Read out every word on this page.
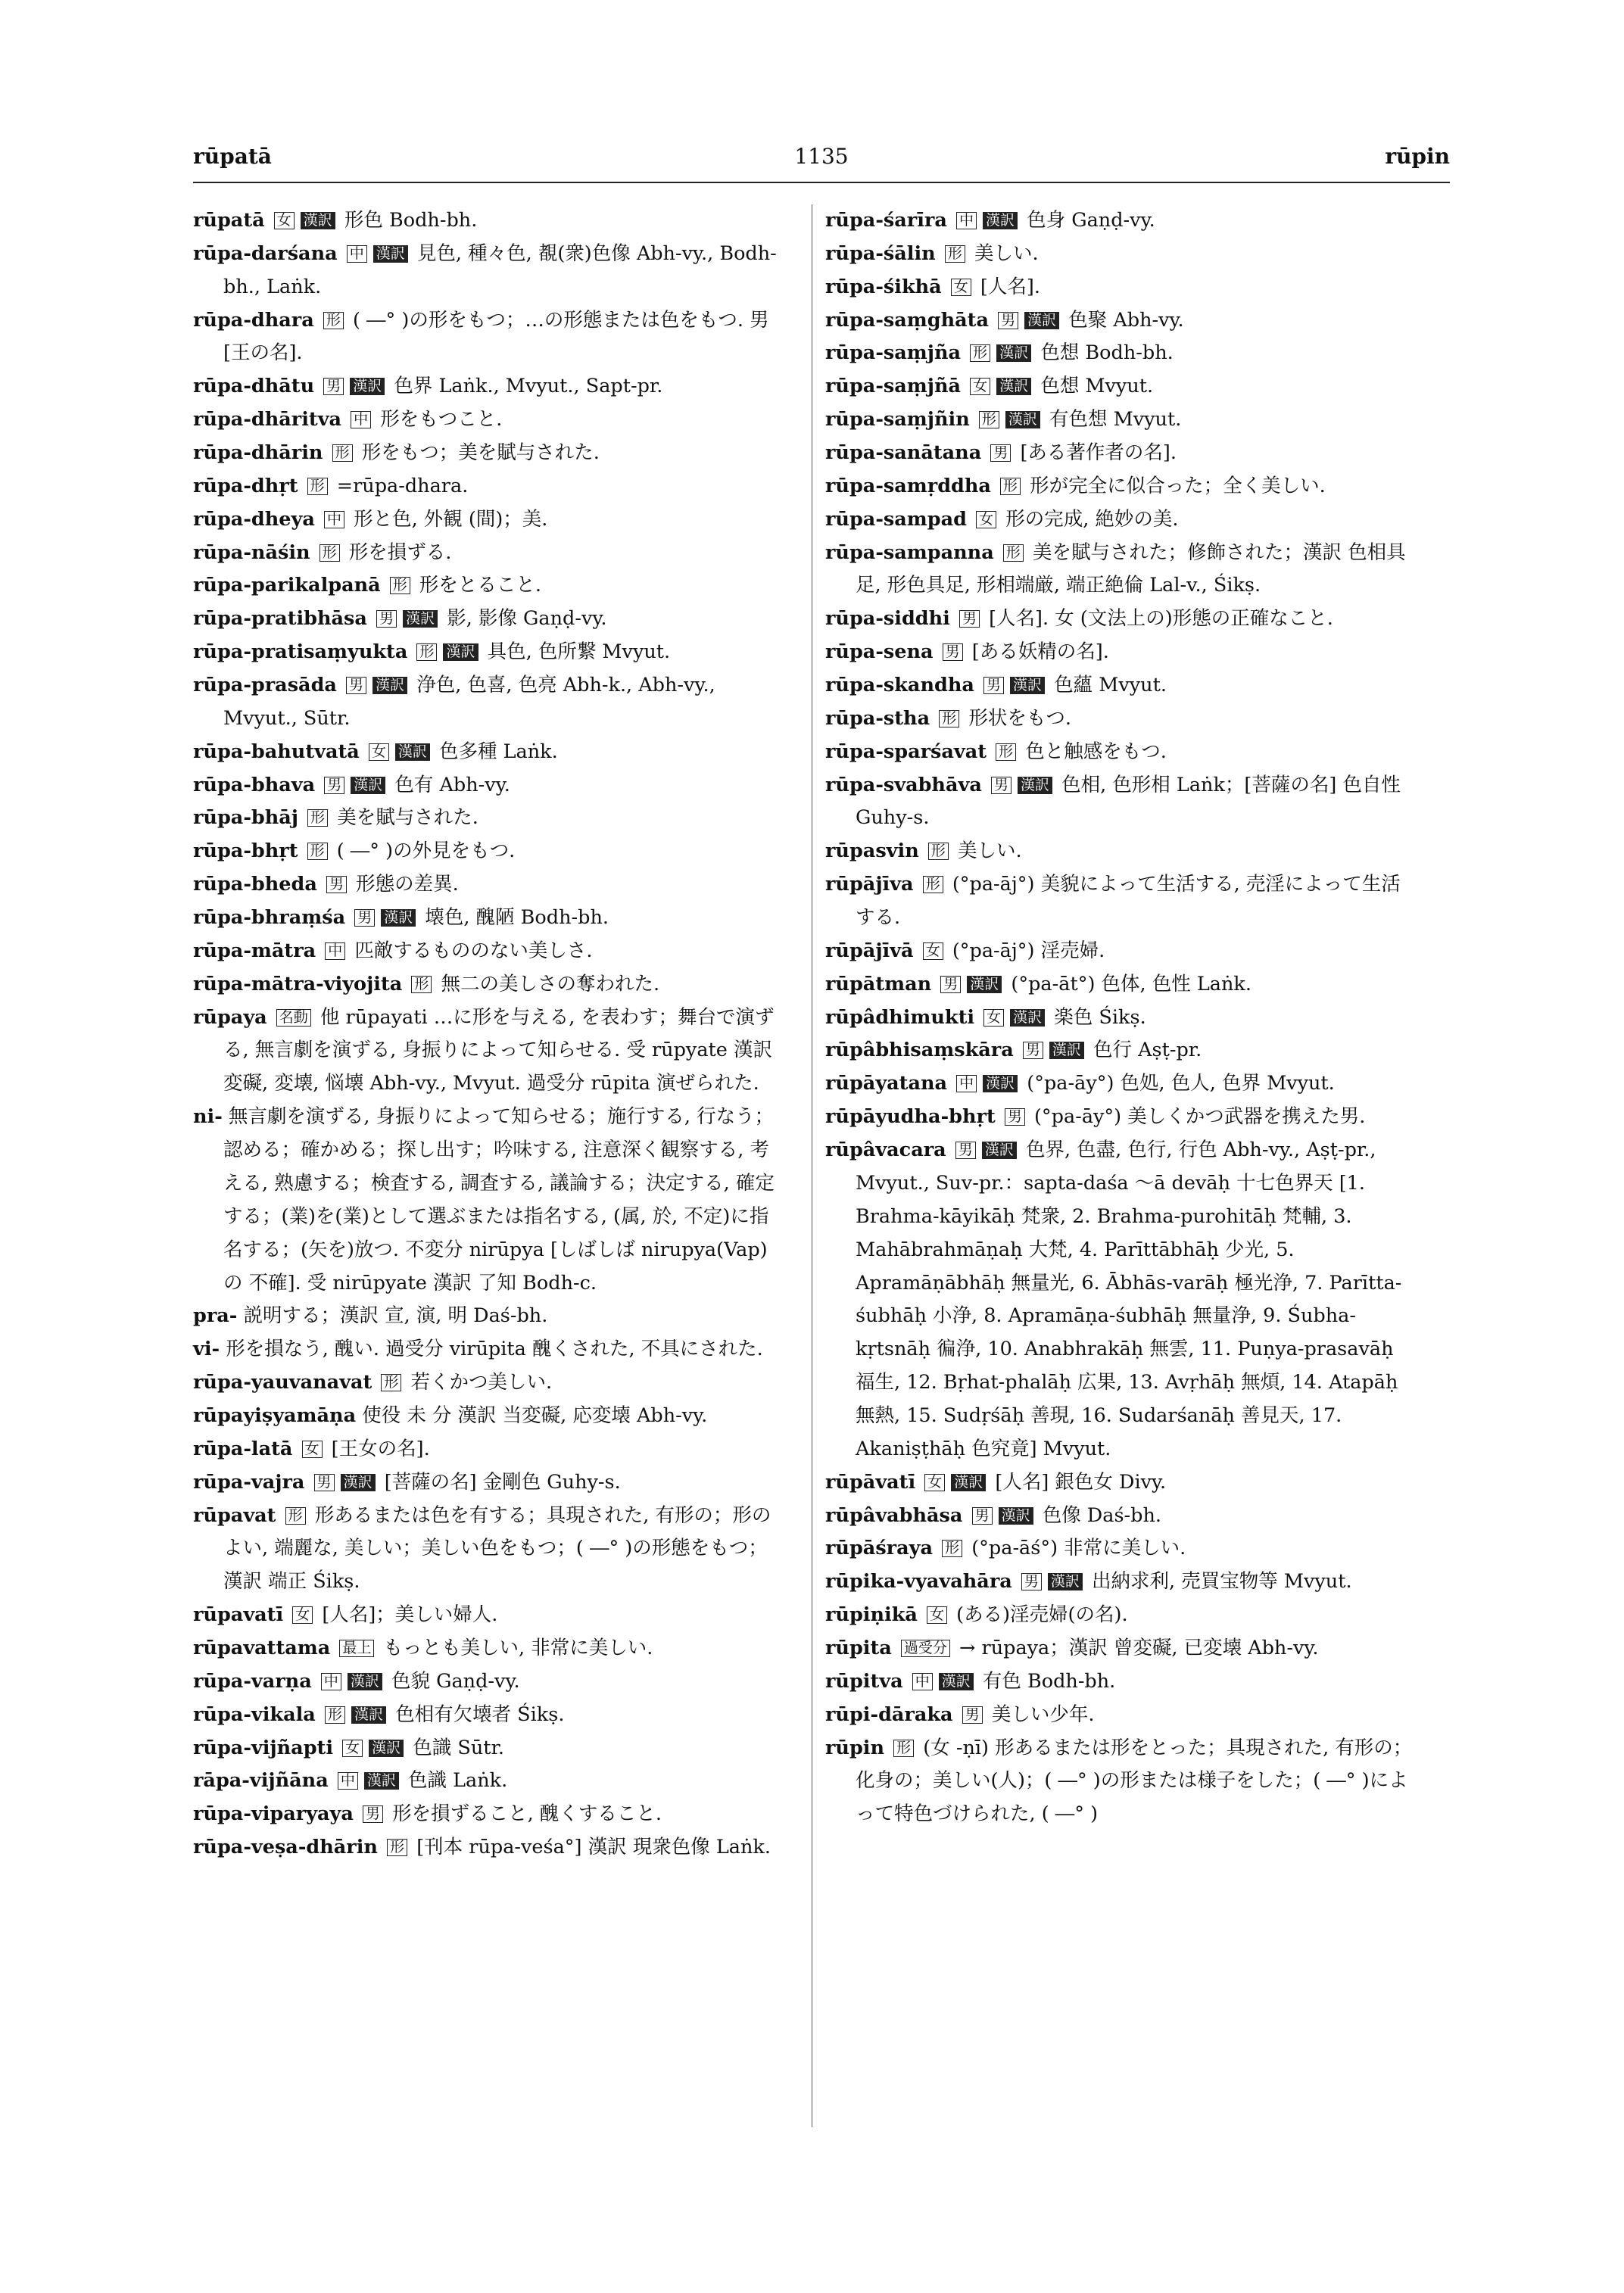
rūpatā	1135	rūpin
rūpatā 女 漢訳 形色 Bodh-bh.
rūpa-darśana 中 漢訳 見色, 種々色, 覩(衆)色像 Abh-vy., Bodh-bh., Laṅk.
rūpa-dhara 形 ( ―° )の形をもつ；…の形態または色をもつ. 男 [王の名].
rūpa-dhātu 男 漢訳 色界 Laṅk., Mvyut., Sapt-pr.
rūpa-dhāritva 中 形をもつこと.
rūpa-dhārin 形 形をもつ；美を賦与された.
rūpa-dhṛt 形 =rūpa-dhara.
rūpa-dheya 中 形と色, 外観 (間)；美.
rūpa-nāśin 形 形を損ずる.
rūpa-parikalpanā 形 形をとること.
rūpa-pratibhāsa 男 漢訳 影, 影像 Gaṇḍ-vy.
rūpa-pratisaṃyukta 形 漢訳 具色, 色所繋 Mvyut.
rūpa-prasāda 男 漢訳 浄色, 色喜, 色亮 Abh-k., Abh-vy., Mvyut., Sūtr.
rūpa-bahutvatā 女 漢訳 色多種 Laṅk.
rūpa-bhava 男 漢訳 色有 Abh-vy.
rūpa-bhāj 形 美を賦与された.
rūpa-bhṛt 形 ( ―° )の外見をもつ.
rūpa-bheda 男 形態の差異.
rūpa-bhraṃśa 男 漢訳 壊色, 醜陋 Bodh-bh.
rūpa-mātra 中 匹敵するもののない美しさ.
rūpa-mātra-viyojita 形 無二の美しさの奪われた.
rūpaya 名動 他 rūpayati …に形を与える, を表わす；舞台で演ずる, 無言劇を演ずる, 身振りによって知らせる. 受 rūpyate 漢訳 変礙, 変壊, 悩壊 Abh-vy., Mvyut. 過受分 rūpita 演ぜられた.
ni- 無言劇を演ずる, 身振りによって知らせる；施行する, 行なう；認める；確かめる；探し出す；吟味する, 注意深く観察する, 考える, 熟慮する；検査する, 調査する, 議論する；決定する, 確定する；(業)を(業)として選ぶまたは指名する, (属, 於, 不定)に指名する；(矢を)放つ. 不変分 nirūpya [しばしば nirupya(Vap) の 不確]. 受 nirūpyate 漢訳 了知 Bodh-c.
pra- 説明する；漢訳 宣, 演, 明 Daś-bh.
vi- 形を損なう, 醜い. 過受分 virūpita 醜くされた, 不具にされた.
rūpa-yauvanavat 形 若くかつ美しい.
rūpayiṣyamāṇa 使役 未 分 漢訳 当変礙, 応変壊 Abh-vy.
rūpa-latā 女 [王女の名].
rūpa-vajra 男 漢訳 [菩薩の名] 金剛色 Guhy-s.
rūpavat 形 形あるまたは色を有する；具現された, 有形の；形のよい, 端麗な, 美しい；美しい色をもつ；( ―° )の形態をもつ；漢訳 端正 Śikṣ.
rūpavatī 女 [人名]；美しい婦人.
rūpavattama 最上 もっとも美しい, 非常に美しい.
rūpa-varṇa 中 漢訳 色貌 Gaṇḍ-vy.
rūpa-vikala 形 漢訳 色相有欠壊者 Śikṣ.
rūpa-vijñapti 女 漢訳 色識 Sūtr.
rāpa-vijñāna 中 漢訳 色識 Laṅk.
rūpa-viparyaya 男 形を損ずること, 醜くすること.
rūpa-veṣa-dhārin 形 [刊本 rūpa-veśa°] 漢訳 現衆色像 Laṅk.
rūpa-śarīra 中 漢訳 色身 Gaṇḍ-vy.
rūpa-śālin 形 美しい.
rūpa-śikhā 女 [人名].
rūpa-saṃghāta 男 漢訳 色聚 Abh-vy.
rūpa-saṃjña 形 漢訳 色想 Bodh-bh.
rūpa-saṃjñā 女 漢訳 色想 Mvyut.
rūpa-saṃjñin 形 漢訳 有色想 Mvyut.
rūpa-sanātana 男 [ある著作者の名].
rūpa-samṛddha 形 形が完全に似合った；全く美しい.
rūpa-sampad 女 形の完成, 絶妙の美.
rūpa-sampanna 形 美を賦与された；修飾された；漢訳 色相具足, 形色具足, 形相端厳, 端正絶倫 Lal-v., Śikṣ.
rūpa-siddhi 男 [人名]. 女 (文法上の)形態の正確なこと.
rūpa-sena 男 [ある妖精の名].
rūpa-skandha 男 漢訳 色蘊 Mvyut.
rūpa-stha 形 形状をもつ.
rūpa-sparśavat 形 色と触感をもつ.
rūpa-svabhāva 男 漢訳 色相, 色形相 Laṅk；[菩薩の名] 色自性 Guhy-s.
rūpasvin 形 美しい.
rūpājīva 形 (°pa-āj°) 美貌によって生活する, 売淫によって生活する.
rūpājīvā 女 (°pa-āj°) 淫売婦.
rūpātman 男 漢訳 (°pa-āt°) 色体, 色性 Laṅk.
rūpâdhimukti 女 漢訳 楽色 Śikṣ.
rūpâbhisaṃskāra 男 漢訳 色行 Aṣṭ-pr.
rūpāyatana 中 漢訳 (°pa-āy°) 色処, 色人, 色界 Mvyut.
rūpāyudha-bhṛt 男 (°pa-āy°) 美しくかつ武器を携えた男.
rūpâvacara 男 漢訳 色界, 色盡, 色行, 行色 Abh-vy., Aṣṭ-pr., Mvyut., Suv-pr.：sapta-daśa ～ā devāḥ 十七色界天 [1. Brahma-kāyikāḥ 梵衆, 2. Brahma-purohitāḥ 梵輔, 3. Mahābrahmāṇaḥ 大梵, 4. Parīttābhāḥ 少光, 5. Apramāṇābhāḥ 無量光, 6. Ābhās-varāḥ 極光浄, 7. Parītta-śubhāḥ 小浄, 8. Apramāṇa-śubhāḥ 無量浄, 9. Śubha-kṛtsnāḥ 徧浄, 10. Anabhrakāḥ 無雲, 11. Puṇya-prasavāḥ 福生, 12. Bṛhat-phalāḥ 広果, 13. Avṛhāḥ 無煩, 14. Atapāḥ 無熱, 15. Sudṛśāḥ 善現, 16. Sudarśanāḥ 善見天, 17. Akaniṣṭhāḥ 色究竟] Mvyut.
rūpāvatī 女 漢訳 [人名] 銀色女 Divy.
rūpâvabhāsa 男 漢訳 色像 Daś-bh.
rūpāśraya 形 (°pa-āś°) 非常に美しい.
rūpika-vyavahāra 男 漢訳 出納求利, 売買宝物等 Mvyut.
rūpiṇikā 女 (ある)淫売婦(の名).
rūpita 過受分 → rūpaya；漢訳 曾変礙, 已変壊 Abh-vy.
rūpitva 中 漢訳 有色 Bodh-bh.
rūpi-dāraka 男 美しい少年.
rūpin 形 (女 -ṇī) 形あるまたは形をとった；具現された, 有形の；化身の；美しい(人)；( ―° )の形または様子をした；( ―° )によって特色づけられた, ( ―° )
